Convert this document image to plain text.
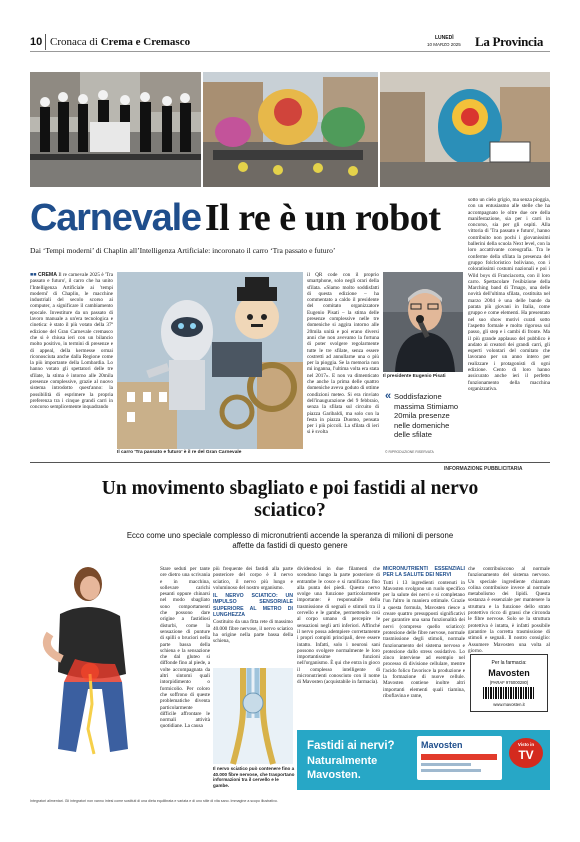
10 Cronaca di Crema e Cremasco	LUNEDÌ
10 MARZO 2025 La Provincia
Carnevale Il re è un robot
Dai ‘Tempi moderni’ di Chaplin all’Intelligenza Artificiale: incoronato il carro ‘Tra passato e futuro’

■■ CREMA Il re carnevale 2025 è 'Tra passato e futuro', il carro che ha unito l'Intelligenza Artificiale ai 'tempi moderni' di Chaplin, le macchine industriali del secolo scorso ai computer, a significare il cambiamento epocale. Investiture da un passato di lavoro manuale a un'era tecnologica e cinetica: è stato il più votato della 37ª edizione del Gran Carnevale cremasco che si è chiusa ieri con un bilancio molto positivo, in termini di presenze e di appeal, della kermesse ormai riconosciuta anche dalla Regione come la più importante della Lombardia. Lo hanno votato gli spettatori delle tre sfilate, la stima è intorno alle 20mila presenze complessive, grazie al nuovo sistema introdotto quest'anno: la possibilità di esprimere la propria preferenza tra i cinque grandi carri in concorso semplicemente inquadrando

Il carro 'Tra passato e futuro' è il re del Gran Carnevale

il QR code con il proprio smartphone, solo negli orari della sfilata. «Siamo molto soddisfatti di questa edizione – ha commentato a caldo il presidente del comitato organizzatore Eugenio Pisati – la stima delle presenze complessive nelle tre domeniche si aggira intorno alle 20mila unità e poi erano diversi anni che non avevamo la fortuna di poter svolgere regolarmente tutte le tre sfilate, senza essere costretti ad annullarne una o più per la pioggia. Se la memoria non mi inganna, l'ultima volta era stata nel 2017». E non va dimenticato che anche la prima delle quattro domeniche aveva goduto di ottime condizioni meteo. Si era rinviato dell'inaugurazione del 9 febbraio, senza la sfilata sul circuito di piazza Garibaldi, ma solo con la festa in piazza Duomo, pensata per i più piccoli. La sfilata di ieri si è svolta

Il presidente Eugenio Pisati
« Soddisfazione massima Stimiamo 20mila presenze nelle domeniche delle sfilate
© RIPRODUZIONE RISERVATA

sotto un cielo grigio, ma senza pioggia, con un entusiasmo alle stelle che ha accompagnato le oltre due ore della manifestazione, sia per i carri in concorso, sia per gli ospiti. Alla vittoria di 'Tra passato e futuro', hanno contribuito non pochi i giovanissimi ballerini della scuola Next level, con la loro accattivante coreografia. Tra le conferme della sfilata la presenza del gruppo folcloristico boliviano, con i coloratissimi costumi nazionali e poi i Wild boys di Franciacorta, con il loro carro. Spettacolare l'esibizione della Marching band di Trnago, una delle novità dell'ultima sfilata, costituita nel marzo 2004 è una delle bande da parata più giovani in Italia, come gruppo e come elementi. Ha presentato nel suo show motivi curati sotto l'aspetto formale e molto rigorosa sul passo, gli step e i cambi di fronte. Ma il più grande applauso del pubblico è andato ai creatori dei grandi carri, gli esperti volontari del comitato che lavorano per un anno intero per realizzare i protagonisti di ogni edizione. Cento di loro hanno assicurato anche ieri il perfetto funzionamento della macchina organizzativa.

INFORMAZIONE PUBBLICITARIA
Un movimento sbagliato e poi fastidi al nervo sciatico?
Ecco come uno speciale complesso di micronutrienti accende la speranza di milioni di persone affette da fastidi di questo genere

Stare seduti per tante ore dietro una scrivania e in macchina, sollevare carichi pesanti oppure chinarsi nel modo sbagliato sono comportamenti che possono dare origine a fastidiosi disturbi, come la sensazione di punture di spilli o bruciori nella parte bassa della schiena e la sensazione che dal gluteo si diffonde fino al piede, a volte accompagnata da altri sintomi quali intorpidimento o formicolio. Per coloro che soffrono di queste problematiche diventa particolarmente difficile affrontare le normali attività quotidiane. La causa

più frequente dei fastidi alla parte posteriore del corpo è il nervo sciatico, il nervo più lungo e voluminoso del nostro organismo.

IL NERVO SCIATICO: UN IMPULSO SENSORIALE SUPERIORE AL METRO DI LUNGHEZZA

Costituito da una fitta rete di massimo 40.000 fibre nervose, il nervo sciatico ha origine nella parte bassa della schiena,

Il nervo sciatico può contenere fino a 40.000 fibre nervose, che trasportano informazioni tra il cervello e le gambe.

dividendosi in due filamenti che scendono lungo la parte posteriore di entrambe le cosce e si ramificano fino alla punta dei piedi. Questo nervo svolge una funzione particolarmente importante: è responsabile della trasmissione di segnali e stimoli tra il cervello e le gambe, permettendo così al corpo umano di percepire le sensazioni negli arti inferiori. Affinché il nervo possa adempiere correttamente i propri compiti principali, deve essere intatto. Infatti, solo i neuroni sani possono svolgere normalmente le loro importantissime funzioni nell'organismo. È qui che entra in gioco il complesso intelligente di micronutrienti conosciuto con il nome di Mavosten (acquistabile in farmacia).

MICRONUTRIENTI ESSENZIALI PER LA SALUTE DEI NERVI

Tutti i 13 ingredienti contenuti in Mavosten svolgono un ruolo specifico per la salute dei nervi e si completano l'un l'altro in maniera ottimale. Grazie a questa formula, Mavosten riesce a creare quattro presupposti significativi per garantire una sana funzionalità dei nervi (compreso quello sciatico): protezione delle fibre nervose, normale trasmissione degli stimoli, normale funzionamento del sistema nervoso e protezione dallo stress ossidativo. Lo zinco interviene ad esempio nel processo di divisione cellulare, mentre l'acido folico favorisce la produzione e la formazione di nuove cellule. Mavosten contiene inoltre altri importanti elementi quali tiamina, riboflavina e rame,

che contribuiscono al normale funzionamento del sistema nervoso. Un speciale ingrediente chiamato colina contribuisce invece al normale metabolismo dei lipidi. Questa sostanza è essenziale per mantenere la struttura e la funzione dello strato protettivo ricco di grassi che circonda le fibre nervose. Solo se la struttura protettiva è intatta, è infatti possibile garantire la corretta trasmissione di stimoli e segnali. Il nostro consiglio: Assumere Mavosten una volta al giorno.

Per la farmacia:
Mavosten
(PARAF 976000280)
www.mavosten.it
Fastidi ai nervi?
Naturalmente
Mavosten.
Mavosten	Visto in
TV
Integratori alimentari. Gli integratori non vanno intesi come sostituti di una dieta equilibrata e variata e di uno stile di vita sano. Immagine a scopo illustrativo.
